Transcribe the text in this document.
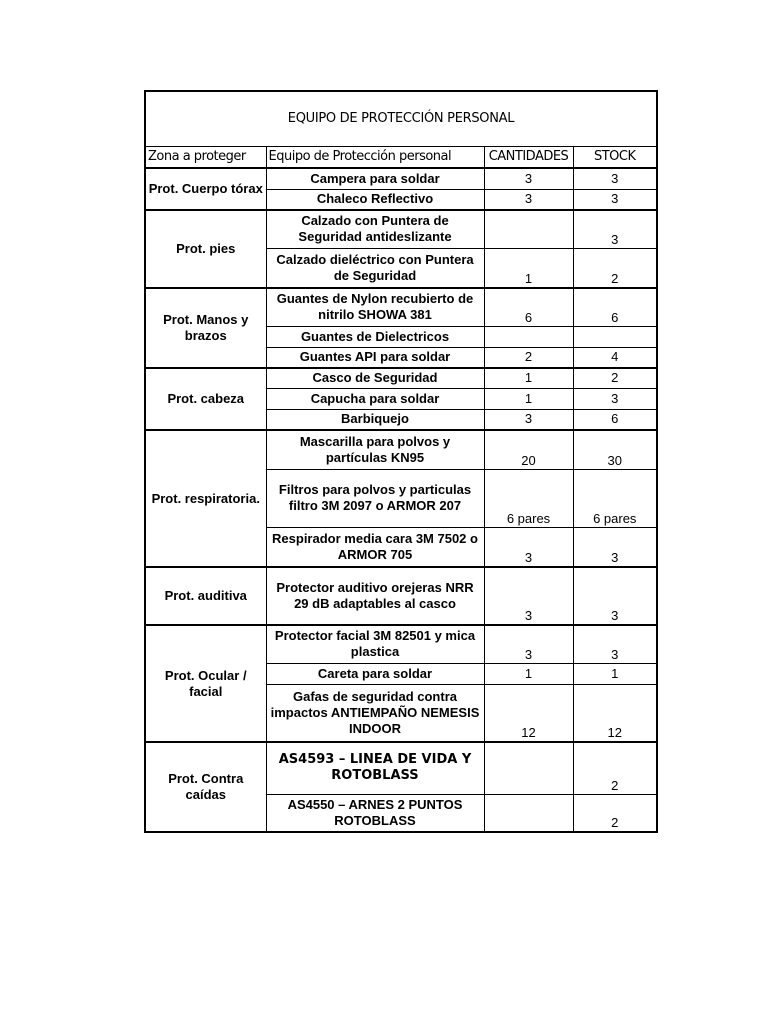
EQUIPO DE PROTECCIÓN PERSONAL			
Zona a proteger	Equipo de Protección personal	CANTIDADES	STOCK
Prot. Cuerpo tórax	Campera para soldar	3	3
	Chaleco Reflectivo	3	3
Prot. pies	Calzado con Puntera de Seguridad antideslizante		3
	Calzado dieléctrico con Puntera de Seguridad	1	2
Prot. Manos y brazos	Guantes de Nylon recubierto de nitrilo SHOWA 381	6	6
	Guantes de Dielectricos		
	Guantes API para soldar	2	4
Prot. cabeza	Casco de Seguridad	1	2
	Capucha para soldar	1	3
	Barbiquejo	3	6
Prot. respiratoria.	Mascarilla para polvos y partículas KN95	20	30
	Filtros para polvos y particulas filtro 3M 2097 o ARMOR 207	6 pares	6 pares
	Respirador media cara 3M 7502 o ARMOR 705	3	3
Prot. auditiva	Protector auditivo orejeras NRR 29 dB adaptables al casco	3	3
Prot. Ocular / facial	Protector facial 3M 82501 y mica plastica	3	3
	Careta para soldar	1	1
	Gafas de seguridad contra impactos ANTIEMPAÑO NEMESIS INDOOR	12	12
Prot. Contra caídas	AS4593 – LINEA DE VIDA Y ROTOBLASS		2
	AS4550 – ARNES 2 PUNTOS ROTOBLASS		2
